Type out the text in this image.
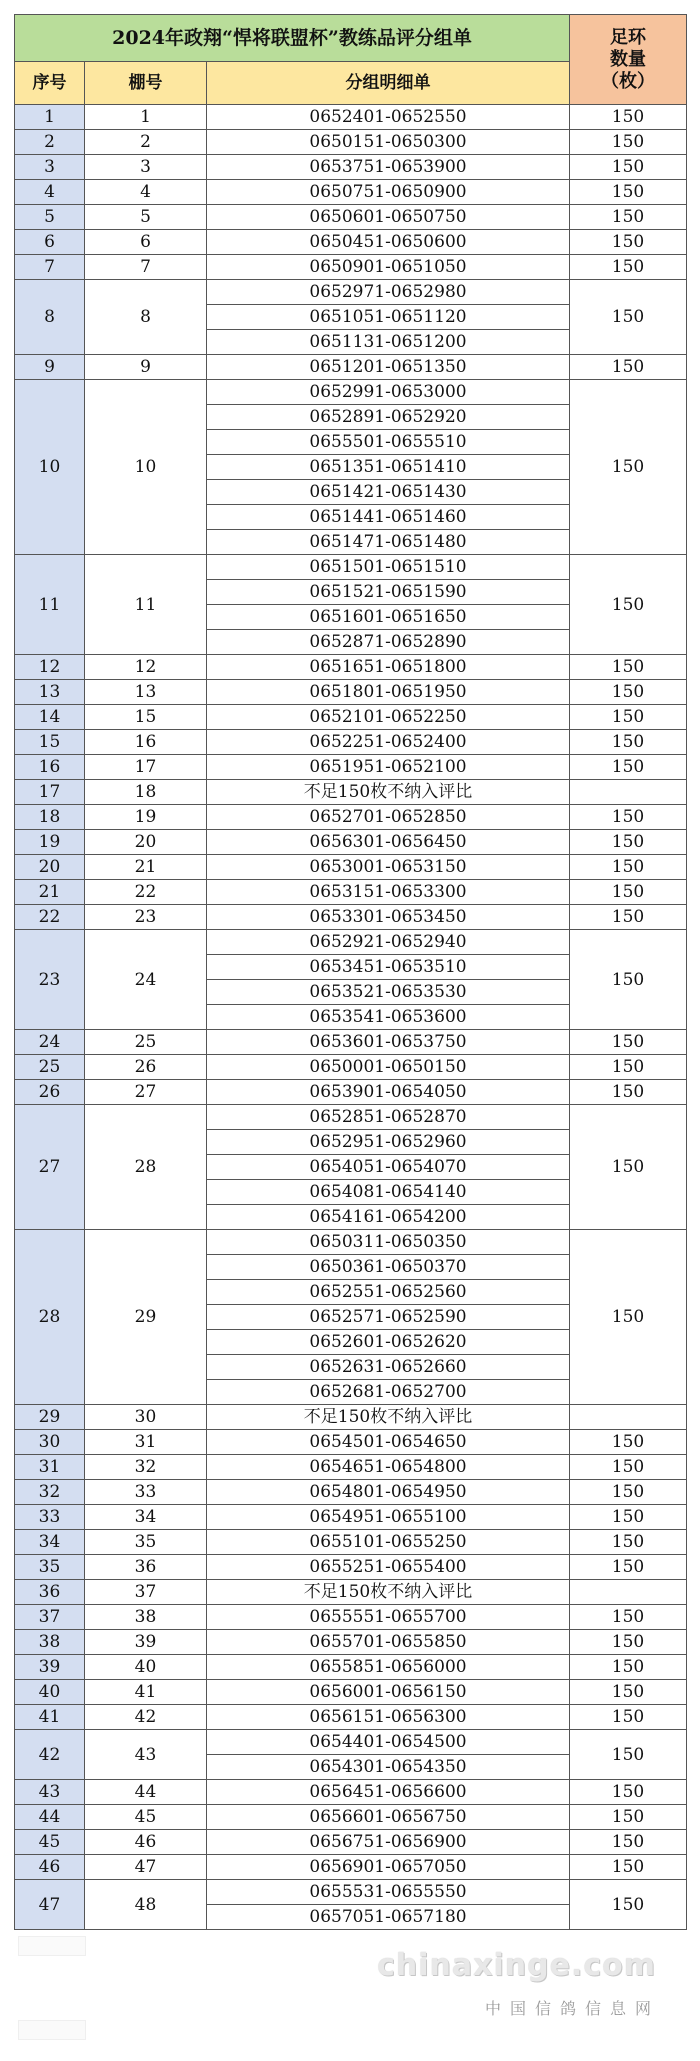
2024年政翔“悍将联盟杯”教练品评分组单			足环
数量
（枚）

序号	棚号	分组明细单	
1	1	0652401-0652550	150
2	2	0650151-0650300	150
3	3	0653751-0653900	150
4	4	0650751-0650900	150
5	5	0650601-0650750	150
6	6	0650451-0650600	150
7	7	0650901-0651050	150
8	8	0652971-0652980	150
		0651051-0651120	
		0651131-0651200	
9	9	0651201-0651350	150
10	10	0652991-0653000	150
		0652891-0652920	
		0655501-0655510	
		0651351-0651410	
		0651421-0651430	
		0651441-0651460	
		0651471-0651480	
11	11	0651501-0651510	150
		0651521-0651590	
		0651601-0651650	
		0652871-0652890	
12	12	0651651-0651800	150
13	13	0651801-0651950	150
14	15	0652101-0652250	150
15	16	0652251-0652400	150
16	17	0651951-0652100	150
17	18	不足150枚不纳入评比	
18	19	0652701-0652850	150
19	20	0656301-0656450	150
20	21	0653001-0653150	150
21	22	0653151-0653300	150
22	23	0653301-0653450	150
23	24	0652921-0652940	150
		0653451-0653510	
		0653521-0653530	
		0653541-0653600	
24	25	0653601-0653750	150
25	26	0650001-0650150	150
26	27	0653901-0654050	150
27	28	0652851-0652870	150
		0652951-0652960	
		0654051-0654070	
		0654081-0654140	
		0654161-0654200	
28	29	0650311-0650350	150
		0650361-0650370	
		0652551-0652560	
		0652571-0652590	
		0652601-0652620	
		0652631-0652660	
		0652681-0652700	
29	30	不足150枚不纳入评比	
30	31	0654501-0654650	150
31	32	0654651-0654800	150
32	33	0654801-0654950	150
33	34	0654951-0655100	150
34	35	0655101-0655250	150
35	36	0655251-0655400	150
36	37	不足150枚不纳入评比	
37	38	0655551-0655700	150
38	39	0655701-0655850	150
39	40	0655851-0656000	150
40	41	0656001-0656150	150
41	42	0656151-0656300	150
42	43	0654401-0654500	150
		0654301-0654350	
43	44	0656451-0656600	150
44	45	0656601-0656750	150
45	46	0656751-0656900	150
46	47	0656901-0657050	150
47	48	0655531-0655550	150
		0657051-0657180	
chinaxinge.com
中国信鸽信息网
